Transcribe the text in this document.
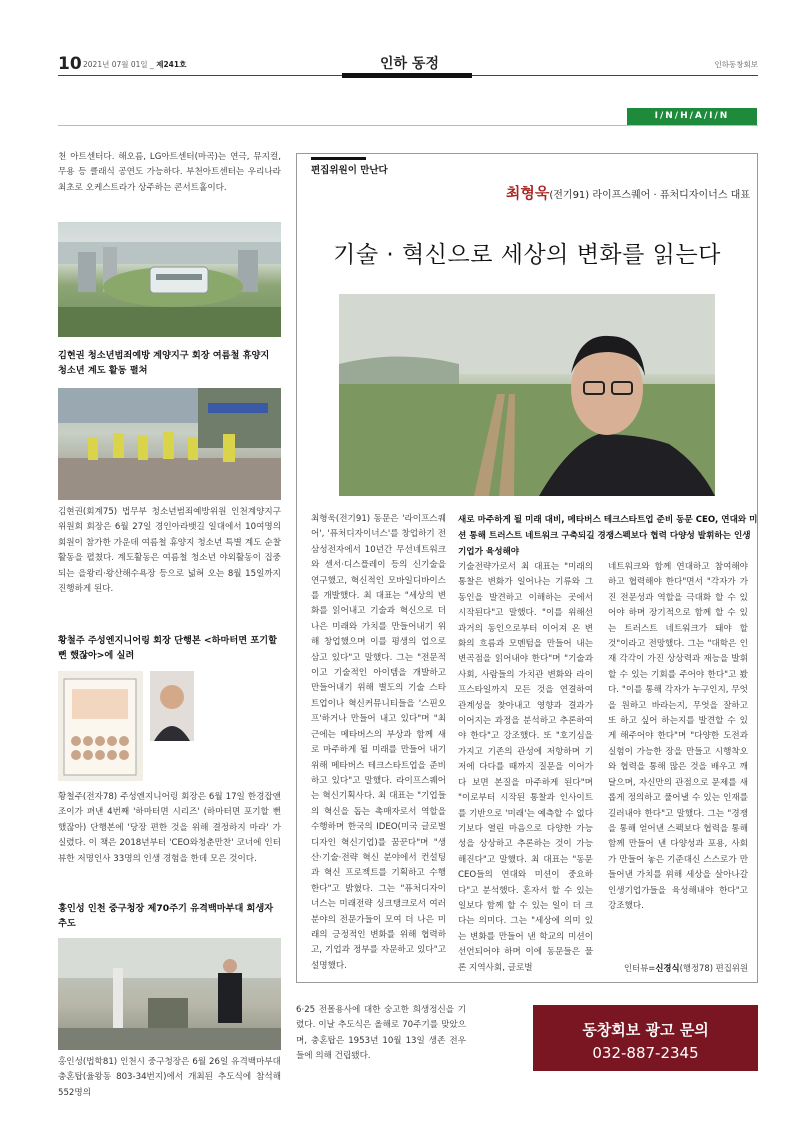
10 2021년 07월 01일 _ 제241호	인하 동정	인하동창회보
I/N/H/A/I/N
천 아트센터다. 해오름, LG아트센터(마곡)는 연극, 뮤지컬, 무용 등 클래식 공연도 가능하다. 부천아트센터는 우리나라 최초로 오케스트라가 상주하는 콘서트홀이다.
김현권 청소년범죄예방 계양지구 회장 여름철 휴양지 청소년 계도 활동 펼쳐
김현권(회계75) 법무부 청소년범죄예방위원 인천계양지구위원회 회장은 6월 27일 경인아라뱃길 일대에서 10여명의 회원이 참가한 가운데 여름철 휴양지 청소년 특별 계도 순찰 활동을 펼쳤다. 계도활동은 여름철 청소년 야외활동이 집중되는 을왕리·왕산해수욕장 등으로 넓혀 오는 8월 15일까지 진행하게 된다.
황철주 주성엔지니어링 회장 단행본 <하마터면 포기할 뻔 했잖아>에 실려
황철주(전자78) 주성엔지니어링 회장은 6월 17일 한경잡앤조이가 펴낸 4번째 '하마터면 시리즈' (하마터면 포기할 뻔 했잖아) 단행본에 '당장 편한 것을 위해 결정하지 마라' 가 실렸다. 이 책은 2018년부터 'CEO와청춘만찬' 코너에 인터뷰한 저명인사 33명의 인생 경험을 한데 모은 것이다.
홍인성 인천 중구청장 제70주기 유격백마부대 희생자 추도
홍인성(법학81) 인천시 중구청장은 6월 26일 유격백마부대 충혼탑(율왕동 803-34번지)에서 개최된 추도식에 참석해 552명의
편집위원이 만난다
최형욱(전기91) 라이프스퀘어 · 퓨처디자이너스 대표
기술 · 혁신으로 세상의 변화를 읽는다
최형욱(전기91) 동문은 '라이프스퀘어', '퓨처디자이너스'를 창업하기 전 삼성전자에서 10년간 무선네트워크와 센서·디스플레이 등의 신기술을 연구했고, 혁신적인 모바일디바이스를 개발했다. 최 대표는 "세상의 변화를 읽어내고 기술과 혁신으로 더 나은 미래와 가치를 만들어내기 위해 창업했으며 이를 평생의 업으로 삼고 있다"고 말했다. 그는 "전문적이고 기술적인 아이템을 개발하고 만들어내기 위해 별도의 기술 스타트업이나 혁신커뮤니티들을 '스핀오프'하거나 만들어 내고 있다"며 "최근에는 메타버스의 부상과 함께 새로 마주하게 될 미래를 만들어 내기 위해 메타버스 테크스타트업을 준비하고 있다"고 말했다. 라이프스퀘어는 혁신기획사다. 최 대표는 "기업들의 혁신을 돕는 촉매자로서 역할을 수행하며 한국의 IDEO(미국 글로벌 디자인 혁신기업)를 꿈꾼다"며 "생산·기술·전략 혁신 분야에서 컨설팅과 혁신 프로젝트를 기획하고 수행한다"고 밝혔다. 그는 "퓨처디자이너스는 미래전략 싱크탱크로서 여러 분야의 전문가들이 모여 더 나은 미래의 긍정적인 변화를 위해 협력하고, 기업과 정부를 자문하고 있다"고 설명했다.
새로 마주하게 될 미래 대비, 메타버스 테크스타트업 준비 동문 CEO, 연대와 미션 통해 트러스트 네트워크 구축되길 경쟁스펙보다 협력 다양성 발휘하는 인생기업가 육성해야
기술전략가로서 최 대표는 "미래의 통찰은 변화가 일어나는 기류와 그 동인을 발견하고 이해하는 곳에서 시작된다"고 말했다. "이를 위해선 과거의 동인으로부터 이어져 온 변화의 흐름과 모멘텀을 만들어 내는 변곡점을 읽어내야 한다"며 "기술과 사회, 사람들의 가치관 변화와 라이프스타일까지 모든 것을 연결하여 관계성을 찾아내고 영향과 결과가 이어지는 과정을 분석하고 추론하여야 한다"고 강조했다. 또 "호기심을 가지고 기존의 관성에 저항하며 기저에 다다를 때까지 질문을 이어가다 보면 본질을 마주하게 된다"며 "이로부터 시작된 통찰과 인사이트를 기반으로 '미래'는 예측할 수 없다기보다 열린 마음으로 다양한 가능성을 상상하고 추론하는 것이 가능해진다"고 말했다. 최 대표는 "동문 CEO들의 연대와 미션이 중요하다"고 분석했다. 혼자서 할 수 있는 일보다 함께 할 수 있는 일이 더 크다는 의미다. 그는 "세상에 의미 있는 변화를 만들어 낸 학교의 미션이 선언되어야 하며 이에 동문들은 물론 지역사회, 글로벌
네트워크와 함께 연대하고 참여해야 하고 협력해야 한다"면서 "각자가 가진 전문성과 역할을 극대화 할 수 있어야 하며 장기적으로 함께 할 수 있는 트러스트 네트워크가 돼야 할 것"이라고 전망했다. 그는 "대학은 인재 각각이 가진 상상력과 재능을 발휘할 수 있는 기회를 주어야 한다"고 봤다. "이를 통해 각자가 누구인지, 무엇을 원하고 바라는지, 무엇을 잘하고 또 하고 싶어 하는지를 발견할 수 있게 해주어야 한다"며 "다양한 도전과 실험이 가능한 장을 만들고 시행착오와 협력을 통해 많은 것을 배우고 깨달으며, 자신만의 관점으로 문제를 새롭게 정의하고 풀어낼 수 있는 인재를 길러내야 한다"고 말했다. 그는 "경쟁을 통해 얻어낸 스펙보다 협력을 통해 함께 만들어 낸 다양성과 포용, 사회가 만들어 놓은 기준대신 스스로가 만들어낸 가치를 위해 세상을 살아나갈 인생기업가들을 육성해내야 한다"고 강조했다.
인터뷰=신경식(행정78) 편집위원
6·25 전몰용사에 대한 숭고한 희생정신을 기렸다. 이날 추도식은 올해로 70주기를 맞았으며, 충혼탑은 1953년 10월 13일 생존 전우들에 의해 건립됐다.
동창회보 광고 문의
032-887-2345
